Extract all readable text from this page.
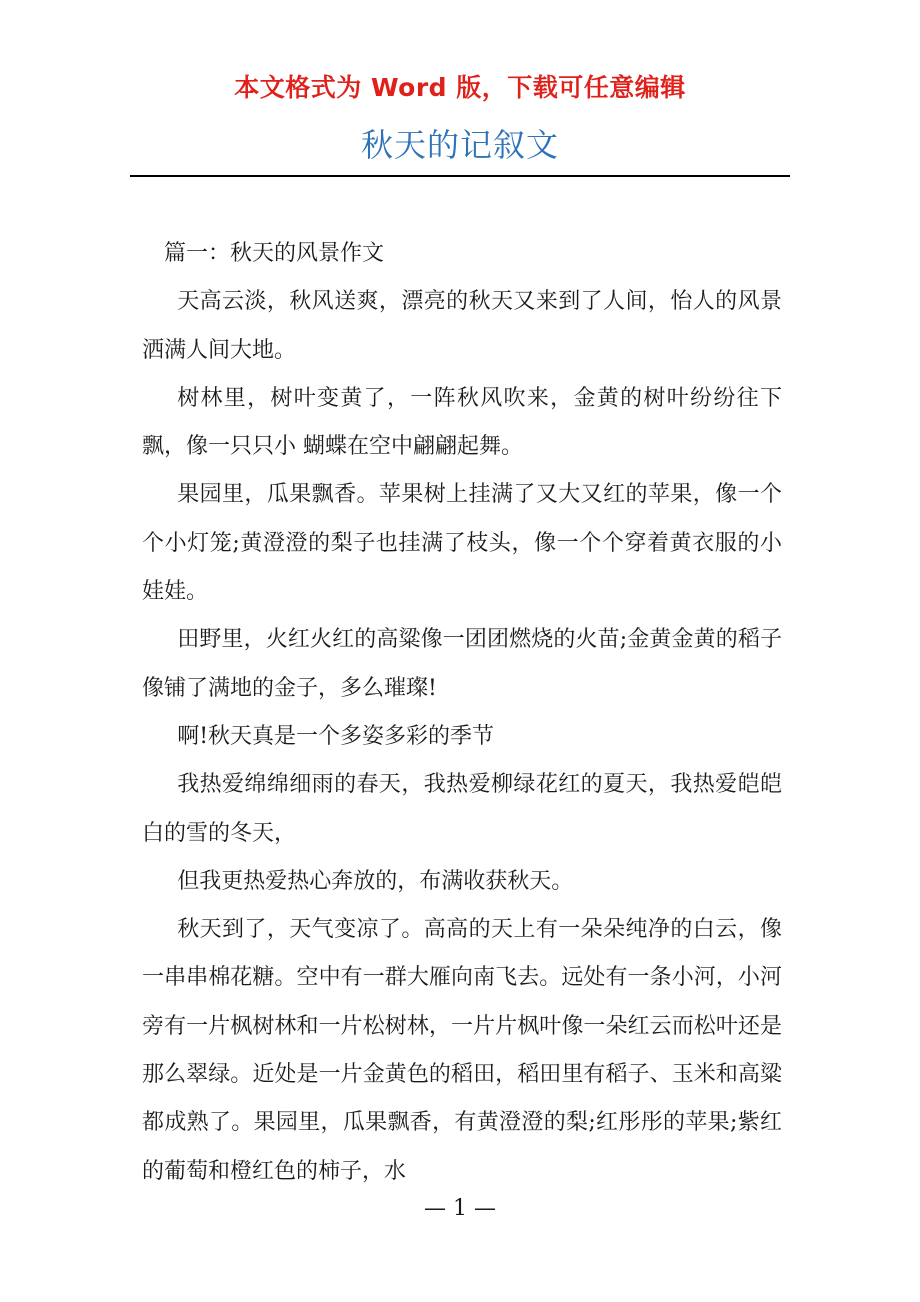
本文格式为 Word 版，下载可任意编辑
秋天的记叙文

篇一：秋天的风景作文

天高云淡，秋风送爽，漂亮的秋天又来到了人间，怡人的风景洒满人间大地。

树林里，树叶变黄了，一阵秋风吹来，金黄的树叶纷纷往下飘，像一只只小 蝴蝶在空中翩翩起舞。

果园里，瓜果飘香。苹果树上挂满了又大又红的苹果，像一个个小灯笼;黄澄澄的梨子也挂满了枝头，像一个个穿着黄衣服的小娃娃。

田野里，火红火红的高粱像一团团燃烧的火苗;金黄金黄的稻子像铺了满地的金子，多么璀璨!

啊!秋天真是一个多姿多彩的季节

我热爱绵绵细雨的春天，我热爱柳绿花红的夏天，我热爱皑皑白的雪的冬天，

但我更热爱热心奔放的，布满收获秋天。

秋天到了，天气变凉了。高高的天上有一朵朵纯净的白云，像一串串棉花糖。空中有一群大雁向南飞去。远处有一条小河，小河旁有一片枫树林和一片松树林，一片片枫叶像一朵红云而松叶还是那么翠绿。近处是一片金黄色的稻田，稻田里有稻子、玉米和高粱都成熟了。果园里，瓜果飘香，有黄澄澄的梨;红彤彤的苹果;紫红的葡萄和橙红色的柿子，水

— 1 —
